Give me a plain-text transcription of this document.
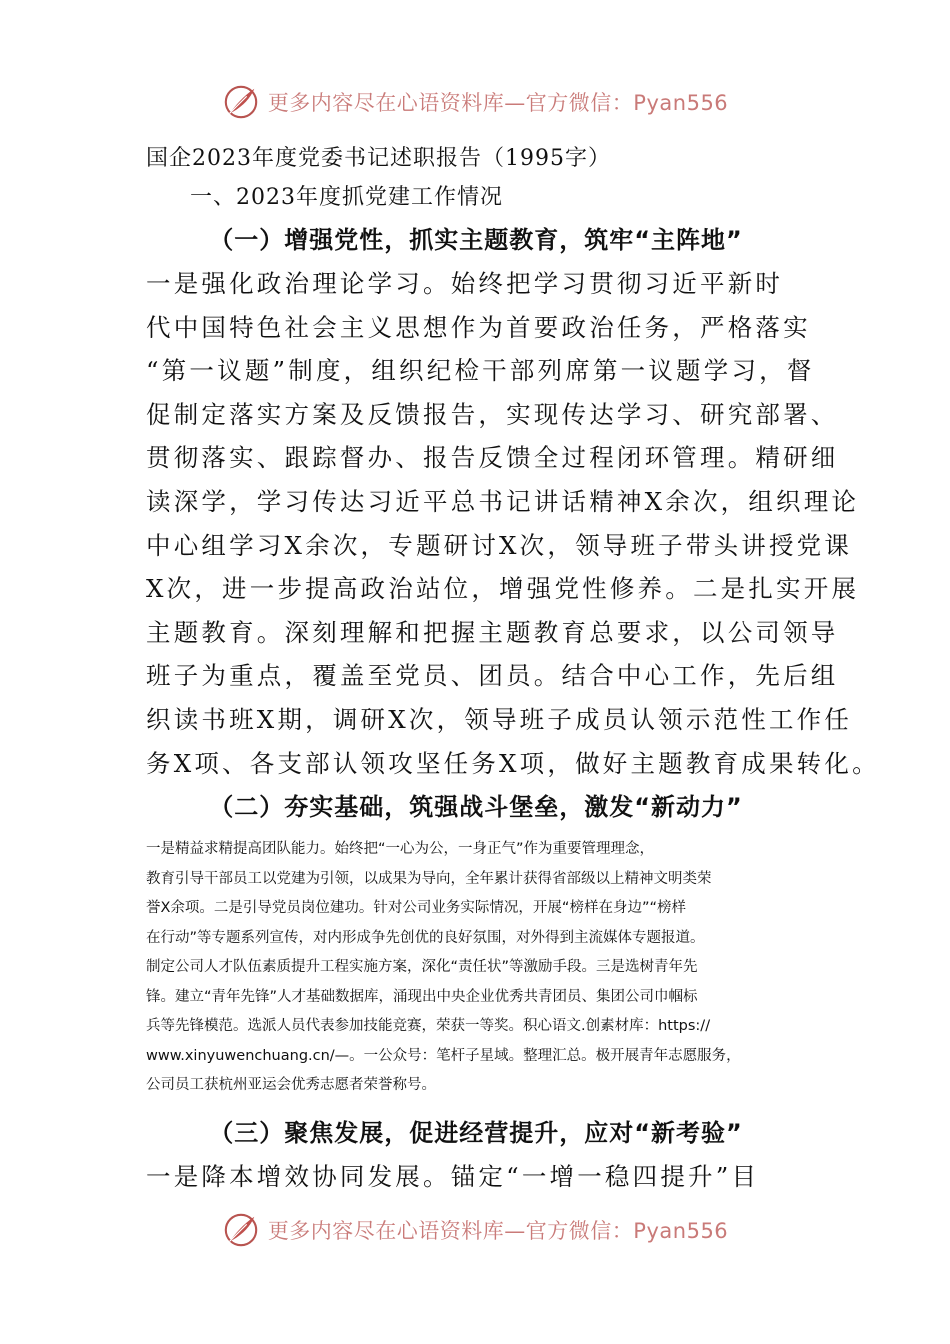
更多内容尽在心语资料库—官方微信：Pyan556

国企2023年度党委书记述职报告（1995字）

一、2023年度抓党建工作情况

（一）增强党性，抓实主题教育，筑牢“主阵地”

一是强化政治理论学习。始终把学习贯彻习近平新时
代中国特色社会主义思想作为首要政治任务，严格落实
“第一议题”制度，组织纪检干部列席第一议题学习，督
促制定落实方案及反馈报告，实现传达学习、研究部署、
贯彻落实、跟踪督办、报告反馈全过程闭环管理。精研细
读深学，学习传达习近平总书记讲话精神X余次，组织理论
中心组学习X余次，专题研讨X次，领导班子带头讲授党课
X次，进一步提高政治站位，增强党性修养。二是扎实开展
主题教育。深刻理解和把握主题教育总要求，以公司领导
班子为重点，覆盖至党员、团员。结合中心工作，先后组
织读书班X期，调研X次，领导班子成员认领示范性工作任
务X项、各支部认领攻坚任务X项，做好主题教育成果转化。

（二）夯实基础，筑强战斗堡垒，激发“新动力”

一是精益求精提高团队能力。始终把“一心为公，一身正气”作为重要管理理念，
教育引导干部员工以党建为引领，以成果为导向，全年累计获得省部级以上精神文明类荣
誉X余项。二是引导党员岗位建功。针对公司业务实际情况，开展“榜样在身边”“榜样
在行动”等专题系列宣传，对内形成争先创优的良好氛围，对外得到主流媒体专题报道。
制定公司人才队伍素质提升工程实施方案，深化“责任状”等激励手段。三是选树青年先
锋。建立“青年先锋”人才基础数据库，涌现出中央企业优秀共青团员、集团公司巾帼标
兵等先锋模范。选派人员代表参加技能竞赛，荣获一等奖。积心语文.创素材库：https://
www.xinyuwenchuang.cn/—。一公众号：笔杆子星域。整理汇总。极开展青年志愿服务，
公司员工获杭州亚运会优秀志愿者荣誉称号。

（三）聚焦发展，促进经营提升，应对“新考验”

一是降本增效协同发展。锚定“一增一稳四提升”目
更多内容尽在心语资料库—官方微信：Pyan556
